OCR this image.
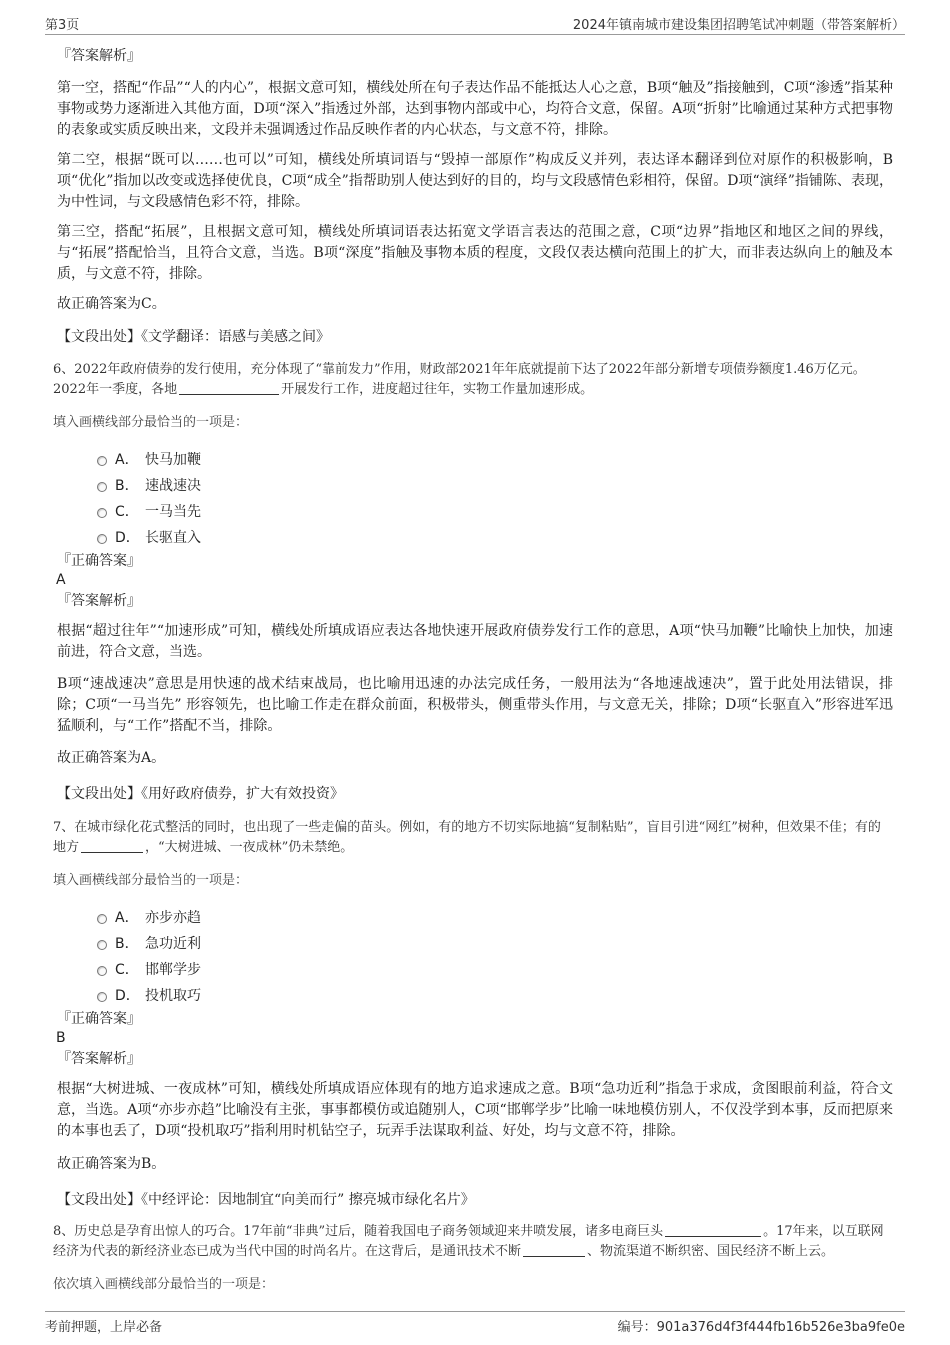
第3页	2024年镇南城市建设集团招聘笔试冲刺题（带答案解析）

『答案解析』

第一空，搭配“作品”“人的内心”，根据文意可知，横线处所在句子表达作品不能抵达人心之意，B项“触及”指接触到，C项“渗透”指某种事物或势力逐渐进入其他方面，D项“深入”指透过外部，达到事物内部或中心，均符合文意，保留。A项“折射”比喻通过某种方式把事物的表象或实质反映出来，文段并未强调透过作品反映作者的内心状态，与文意不符，排除。

第二空，根据“既可以……也可以”可知，横线处所填词语与“毁掉一部原作”构成反义并列，表达译本翻译到位对原作的积极影响，B项“优化”指加以改变或选择使优良，C项“成全”指帮助别人使达到好的目的，均与文段感情色彩相符，保留。D项“演绎”指铺陈、表现，为中性词，与文段感情色彩不符，排除。

第三空，搭配“拓展”，且根据文意可知，横线处所填词语表达拓宽文学语言表达的范围之意，C项“边界”指地区和地区之间的界线，与“拓展”搭配恰当，且符合文意，当选。B项“深度”指触及事物本质的程度，文段仅表达横向范围上的扩大，而非表达纵向上的触及本质，与文意不符，排除。

故正确答案为C。

【文段出处】《文学翻译：语感与美感之间》

6、2022年政府债券的发行使用，充分体现了“靠前发力”作用，财政部2021年年底就提前下达了2022年部分新增专项债券额度1.46万亿元。2022年一季度，各地	开展发行工作，进度超过往年，实物工作量加速形成。

填入画横线部分最恰当的一项是：

A． 快马加鞭
B． 速战速决
C． 一马当先
D． 长驱直入

『正确答案』

A

『答案解析』

根据“超过往年”“加速形成”可知，横线处所填成语应表达各地快速开展政府债券发行工作的意思，A项“快马加鞭”比喻快上加快，加速前进，符合文意，当选。

B项“速战速决”意思是用快速的战术结束战局，也比喻用迅速的办法完成任务，一般用法为“各地速战速决”，置于此处用法错误，排除；C项“一马当先” 形容领先，也比喻工作走在群众前面，积极带头，侧重带头作用，与文意无关，排除；D项“长驱直入”形容进军迅猛顺利，与“工作”搭配不当，排除。

故正确答案为A。

【文段出处】《用好政府债券，扩大有效投资》

7、在城市绿化花式整活的同时，也出现了一些走偏的苗头。例如，有的地方不切实际地搞“复制粘贴”，盲目引进“网红”树种，但效果不佳；有的地方	，“大树进城、一夜成林”仍未禁绝。

填入画横线部分最恰当的一项是：

A． 亦步亦趋
B． 急功近利
C． 邯郸学步
D． 投机取巧

『正确答案』

B

『答案解析』

根据“大树进城、一夜成林”可知，横线处所填成语应体现有的地方追求速成之意。B项“急功近利”指急于求成，贪图眼前利益，符合文意，当选。A项“亦步亦趋”比喻没有主张，事事都模仿或追随别人，C项“邯郸学步”比喻一味地模仿别人，不仅没学到本事，反而把原来的本事也丢了，D项“投机取巧”指利用时机钻空子，玩弄手法谋取利益、好处，均与文意不符，排除。

故正确答案为B。

【文段出处】《中经评论：因地制宜“向美而行” 擦亮城市绿化名片》

8、历史总是孕育出惊人的巧合。17年前“非典”过后，随着我国电子商务领域迎来井喷发展，诸多电商巨头	。17年来，以互联网经济为代表的新经济业态已成为当代中国的时尚名片。在这背后，是通讯技术不断	、物流渠道不断织密、国民经济不断上云。

依次填入画横线部分最恰当的一项是：

考前押题，上岸必备	编号：901a376d4f3f444fb16b526e3ba9fe0e
